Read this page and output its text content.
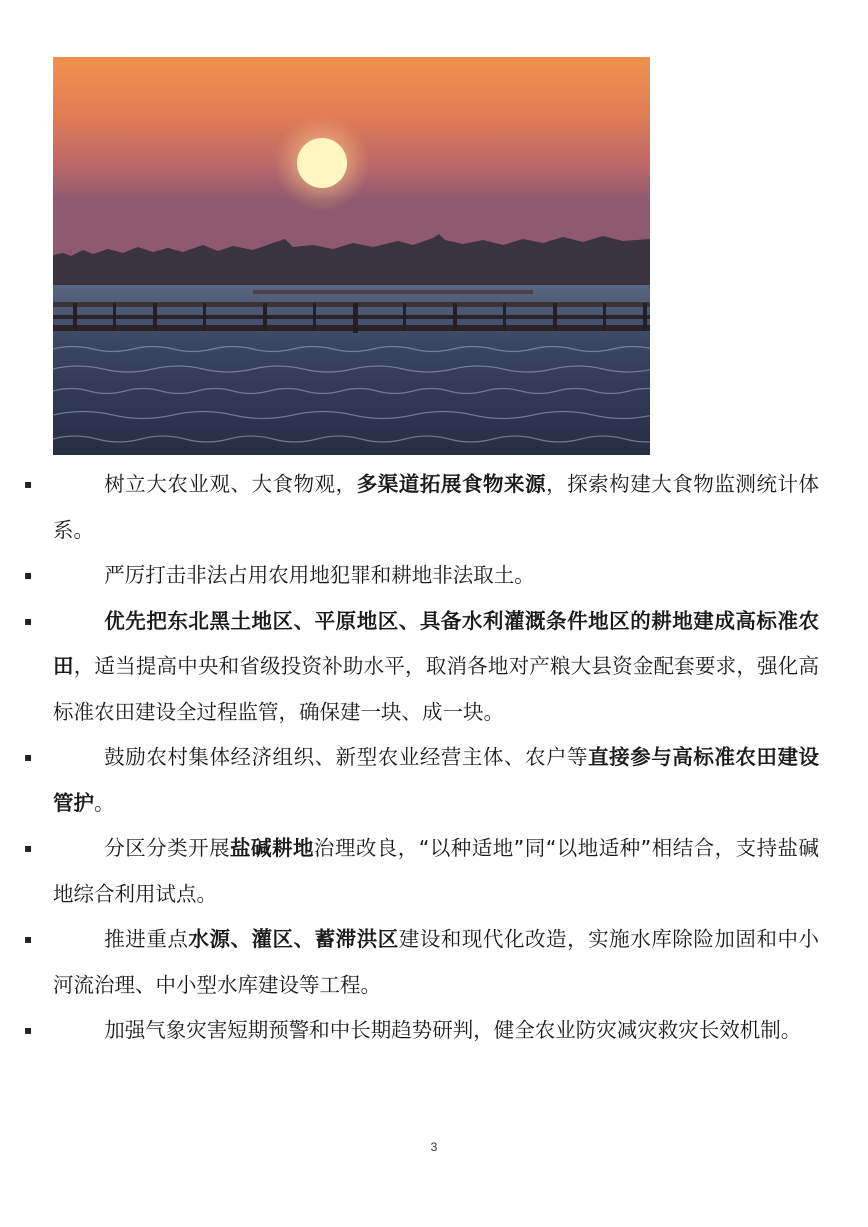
▪	树立大农业观、大食物观，多渠道拓展食物来源，探索构建大食物监测统计体系。

▪	严厉打击非法占用农用地犯罪和耕地非法取土。

▪	优先把东北黑土地区、平原地区、具备水利灌溉条件地区的耕地建成高标准农田，适当提高中央和省级投资补助水平，取消各地对产粮大县资金配套要求，强化高标准农田建设全过程监管，确保建一块、成一块。

▪	鼓励农村集体经济组织、新型农业经营主体、农户等直接参与高标准农田建设管护。

▪	分区分类开展盐碱耕地治理改良，“以种适地”同“以地适种”相结合，支持盐碱地综合利用试点。

▪	推进重点水源、灌区、蓄滞洪区建设和现代化改造，实施水库除险加固和中小河流治理、中小型水库建设等工程。

▪	加强气象灾害短期预警和中长期趋势研判，健全农业防灾减灾救灾长效机制。

3
